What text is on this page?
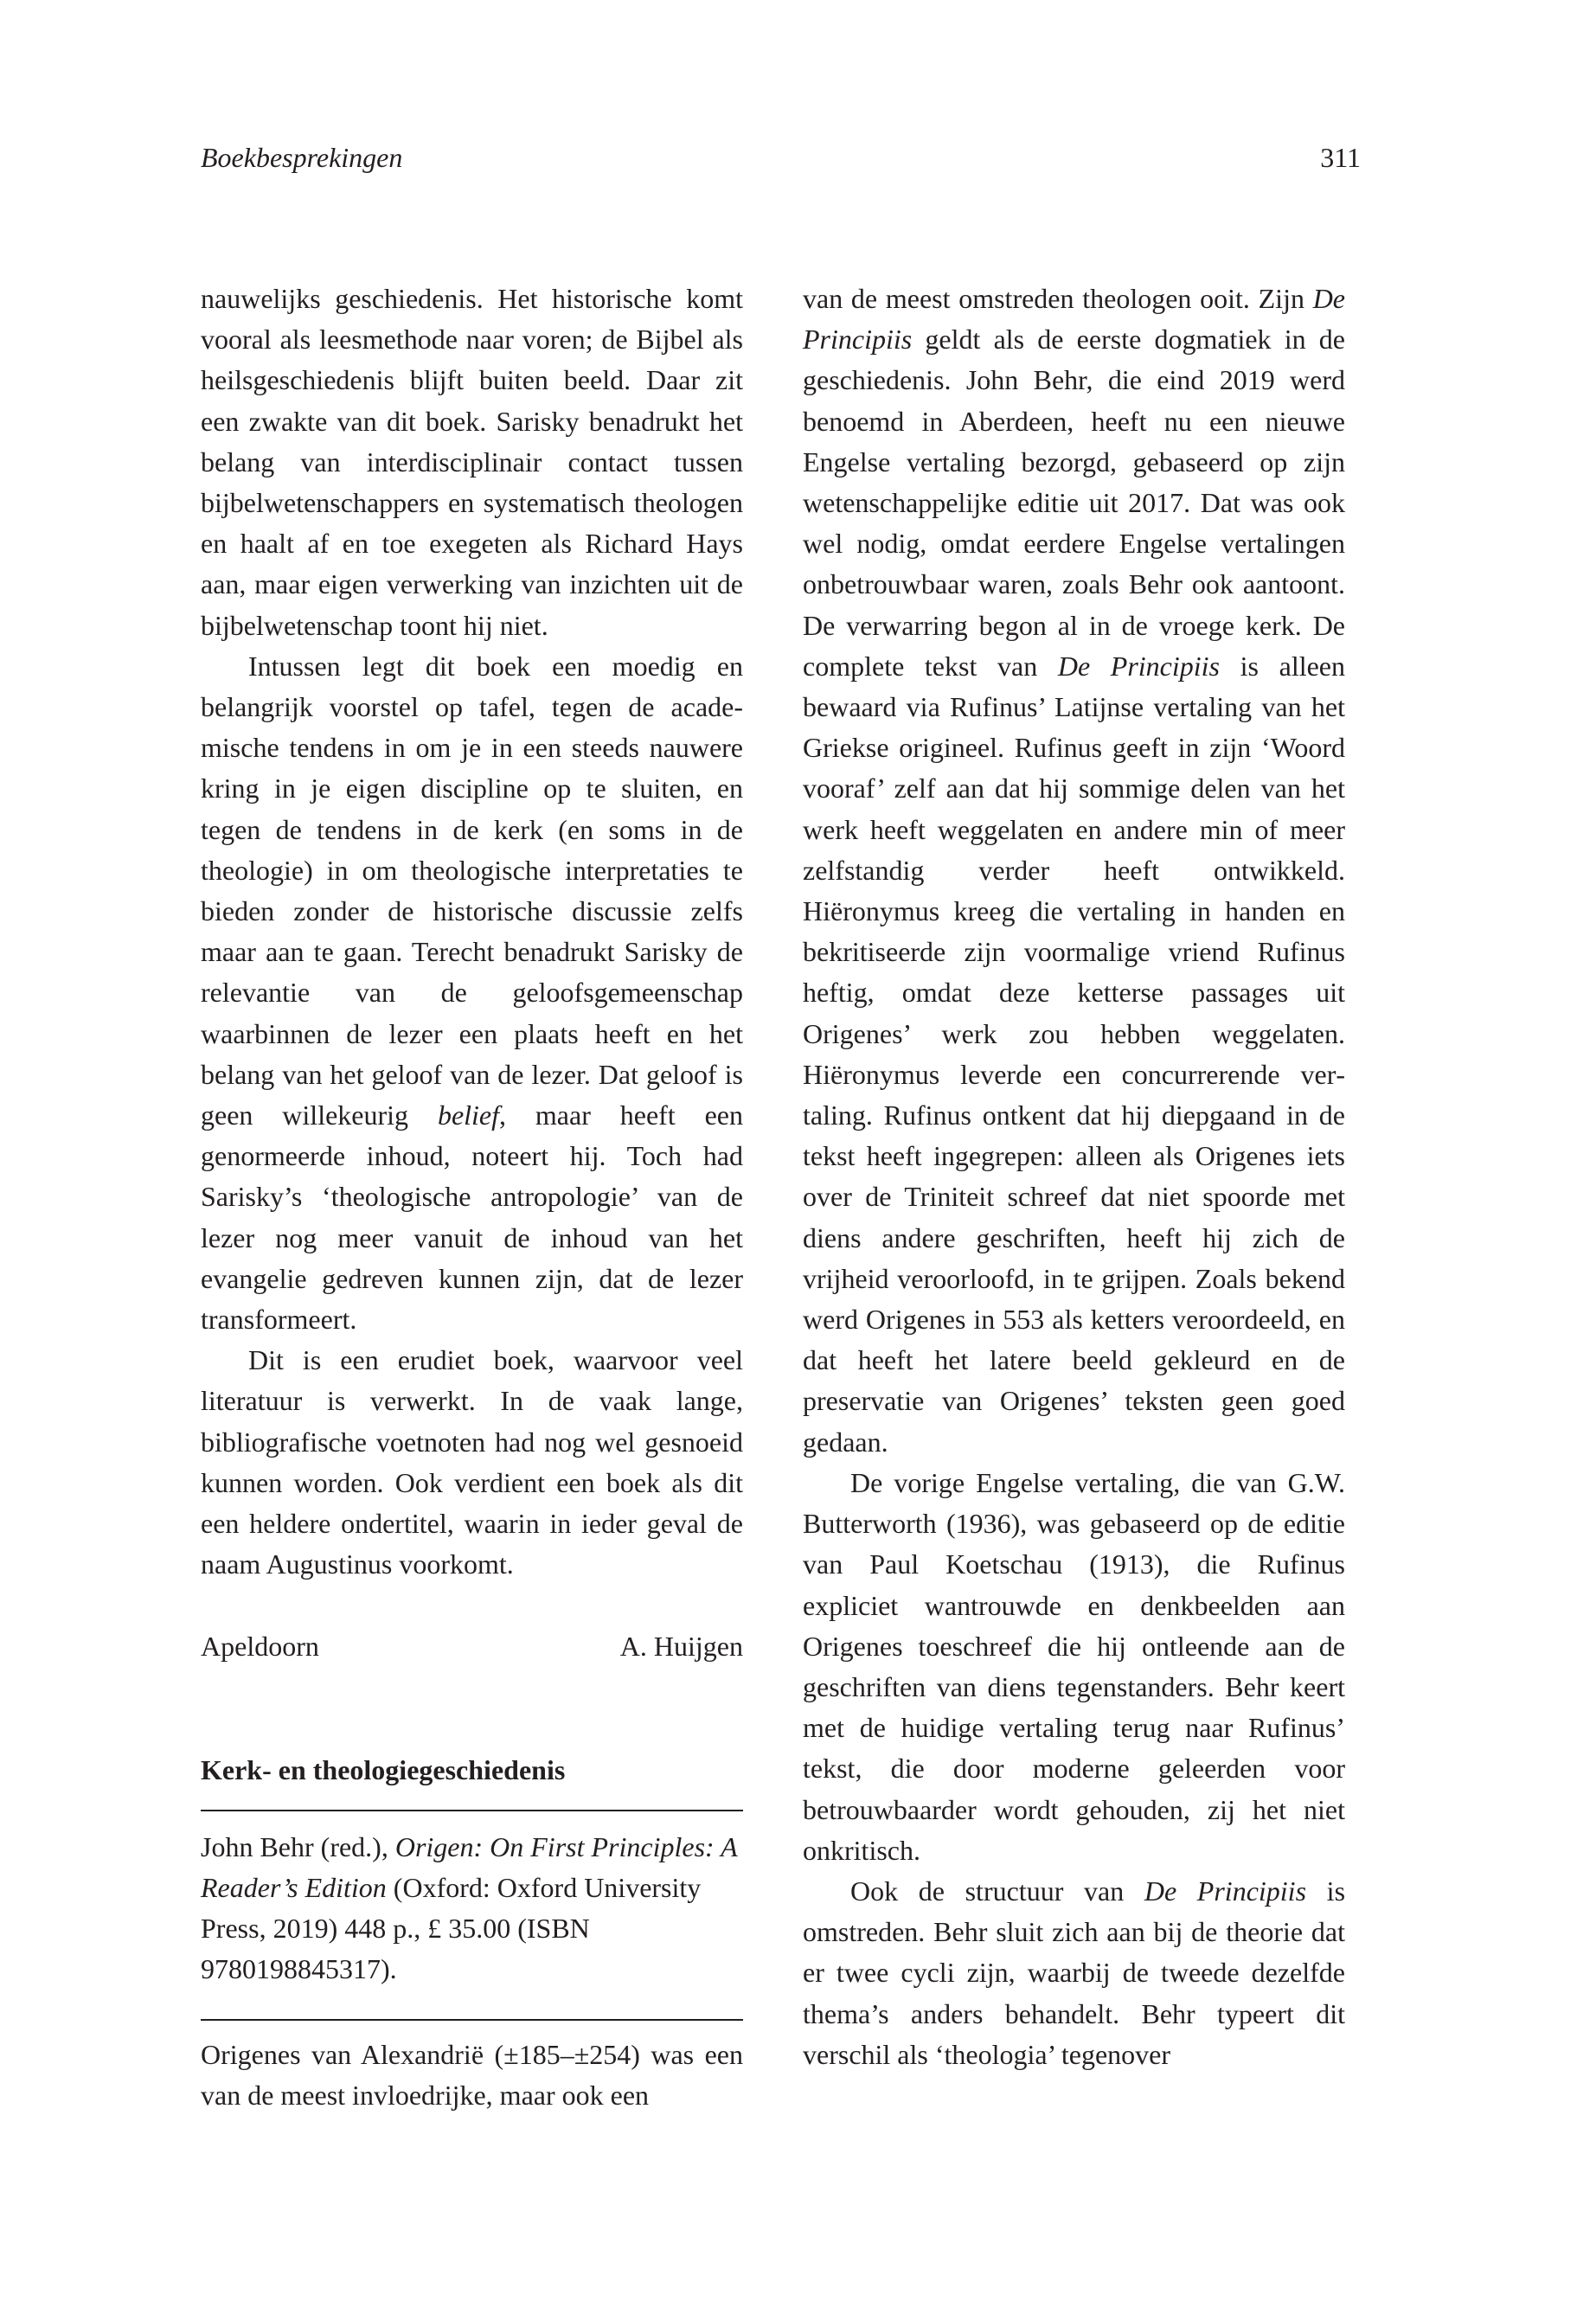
Boekbesprekingen	311

nauwelijks geschiedenis. Het historische komt vooral als leesmethode naar voren; de Bijbel als heilsgeschiedenis blijft buiten beeld. Daar zit een zwakte van dit boek. Sarisky benadrukt het belang van interdisciplinair contact tussen bijbelwetenschappers en systematisch theologen en haalt af en toe exegeten als Richard Hays aan, maar eigen verwerking van inzichten uit de bijbelwetenschap toont hij niet.

Intussen legt dit boek een moedig en belangrijk voorstel op tafel, tegen de academische tendens in om je in een steeds nauwere kring in je eigen discipline op te sluiten, en tegen de tendens in de kerk (en soms in de theologie) in om theologische interpretaties te bieden zonder de historische discussie zelfs maar aan te gaan. Terecht benadrukt Sarisky de relevantie van de geloofsgemeenschap waarbinnen de lezer een plaats heeft en het belang van het geloof van de lezer. Dat geloof is geen willekeurig belief, maar heeft een genormeerde inhoud, noteert hij. Toch had Sarisky’s ‘theologische antropologie’ van de lezer nog meer vanuit de inhoud van het evangelie gedreven kunnen zijn, dat de lezer transformeert.

Dit is een erudiet boek, waarvoor veel literatuur is verwerkt. In de vaak lange, bibliografische voetnoten had nog wel gesnoeid kunnen worden. Ook verdient een boek als dit een heldere ondertitel, waarin in ieder geval de naam Augustinus voorkomt.

Apeldoorn	A. Huijgen
Kerk- en theologiegeschiedenis
John Behr (red.), Origen: On First Principles: A Reader’s Edition (Oxford: Oxford University Press, 2019) 448 p., £ 35.00 (ISBN 9780198845317).

Origenes van Alexandrië (±185–±254) was een van de meest invloedrijke, maar ook een

van de meest omstreden theologen ooit. Zijn De Principiis geldt als de eerste dogmatiek in de geschiedenis. John Behr, die eind 2019 werd benoemd in Aberdeen, heeft nu een nieuwe Engelse vertaling bezorgd, gebaseerd op zijn wetenschappelijke editie uit 2017. Dat was ook wel nodig, omdat eerdere Engelse vertalingen onbetrouwbaar waren, zoals Behr ook aantoont. De verwarring begon al in de vroege kerk. De complete tekst van De Principiis is alleen bewaard via Rufinus’ Latijnse vertaling van het Griekse origineel. Rufinus geeft in zijn ‘Woord vooraf’ zelf aan dat hij sommige delen van het werk heeft weggelaten en andere min of meer zelfstandig verder heeft ontwikkeld. Hiëronymus kreeg die vertaling in handen en bekritiseerde zijn voormalige vriend Rufinus heftig, omdat deze ketterse passages uit Origenes’ werk zou hebben weggelaten. Hiëronymus leverde een concurrerende vertaling. Rufinus ontkent dat hij diepgaand in de tekst heeft ingegrepen: alleen als Origenes iets over de Triniteit schreef dat niet spoorde met diens andere geschriften, heeft hij zich de vrijheid veroorloofd, in te grijpen. Zoals bekend werd Origenes in 553 als ketters veroordeeld, en dat heeft het latere beeld gekleurd en de preservatie van Origenes’ teksten geen goed gedaan.

De vorige Engelse vertaling, die van G.W. Butterworth (1936), was gebaseerd op de editie van Paul Koetschau (1913), die Rufinus expliciet wantrouwde en denkbeelden aan Origenes toeschreef die hij ontleende aan de geschriften van diens tegenstanders. Behr keert met de huidige vertaling terug naar Rufinus’ tekst, die door moderne geleerden voor betrouwbaarder wordt gehouden, zij het niet onkritisch.

Ook de structuur van De Principiis is omstreden. Behr sluit zich aan bij de theorie dat er twee cycli zijn, waarbij de tweede dezelfde thema’s anders behandelt. Behr typeert dit verschil als ‘theologia’ tegenover
